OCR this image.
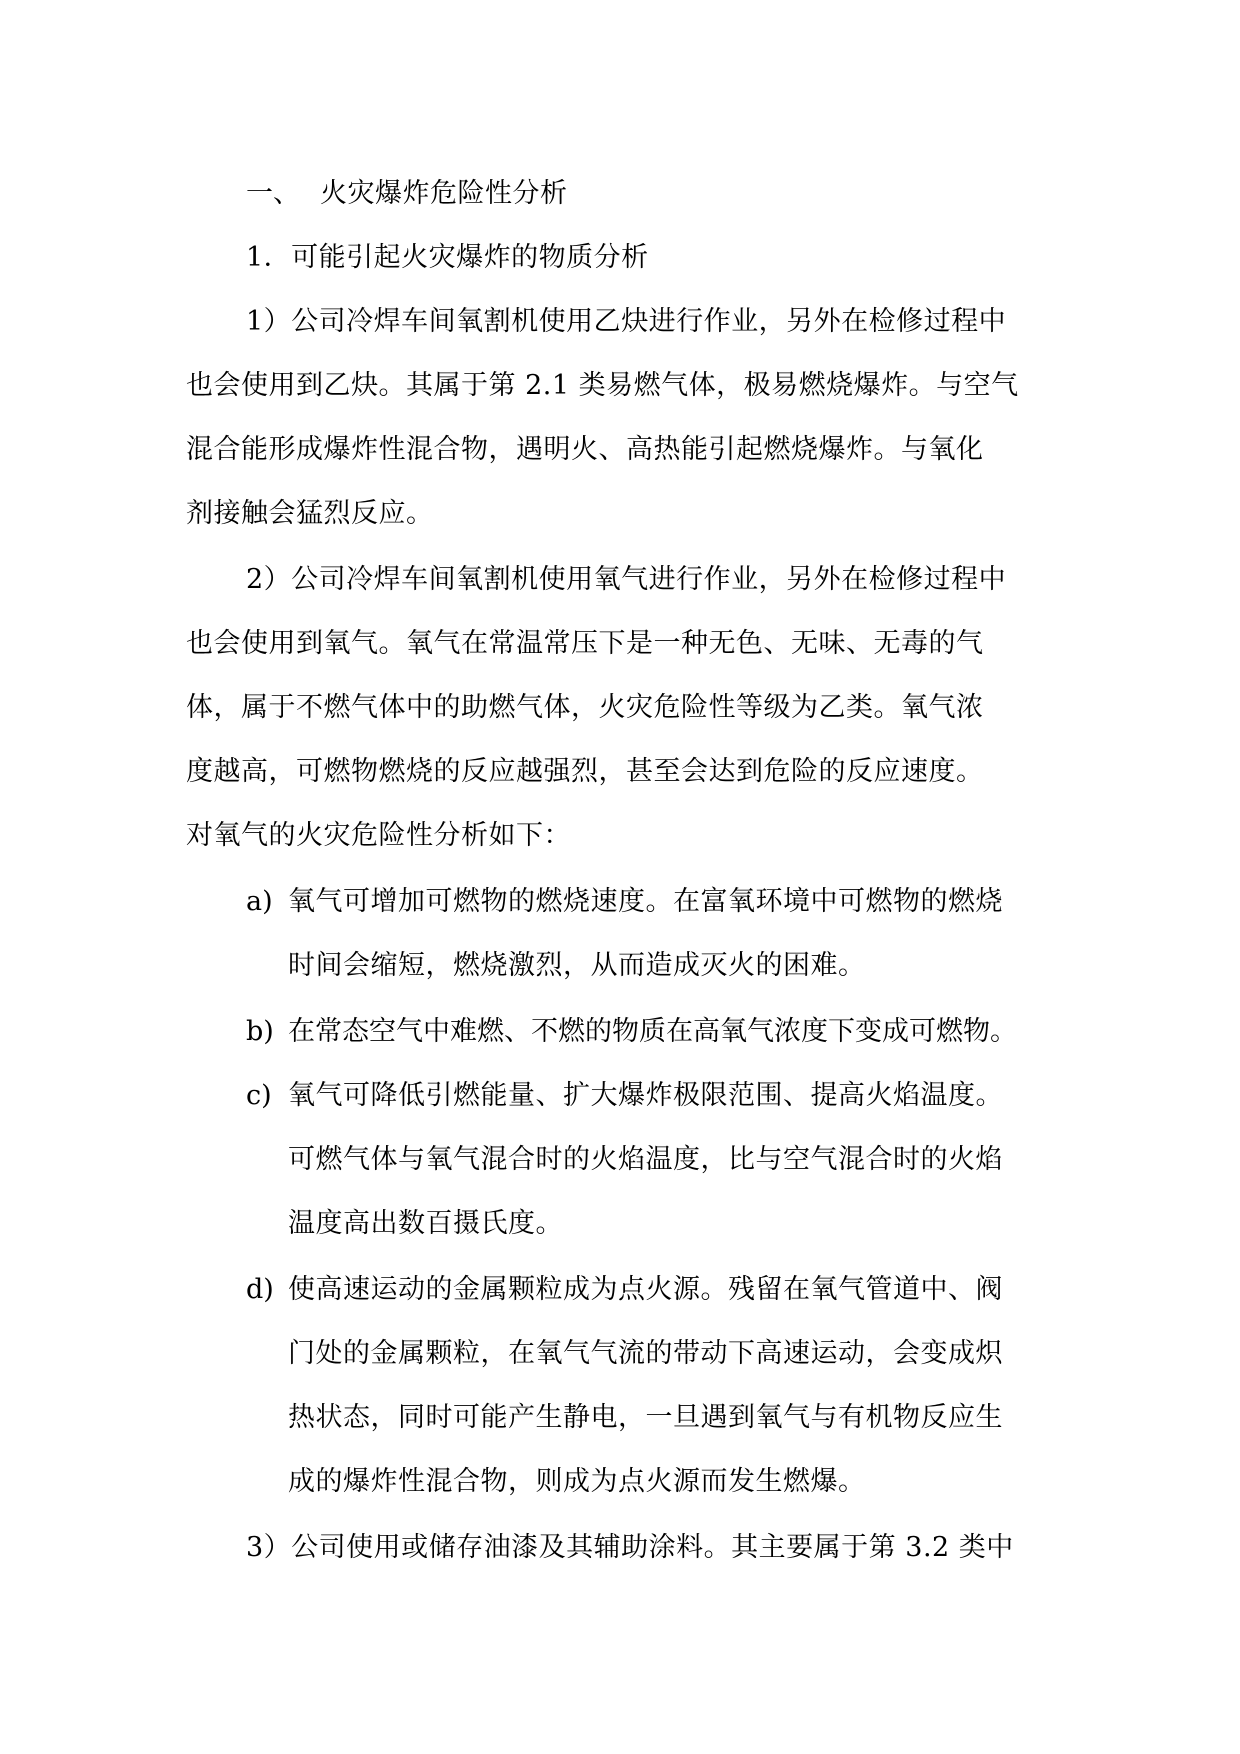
一、 火灾爆炸危险性分析
1．可能引起火灾爆炸的物质分析
1）公司冷焊车间氧割机使用乙炔进行作业，另外在检修过程中
也会使用到乙炔。其属于第 2.1 类易燃气体，极易燃烧爆炸。与空气
混合能形成爆炸性混合物，遇明火、高热能引起燃烧爆炸。与氧化
剂接触会猛烈反应。
2）公司冷焊车间氧割机使用氧气进行作业，另外在检修过程中
也会使用到氧气。氧气在常温常压下是一种无色、无味、无毒的气
体，属于不燃气体中的助燃气体，火灾危险性等级为乙类。氧气浓
度越高，可燃物燃烧的反应越强烈，甚至会达到危险的反应速度。
对氧气的火灾危险性分析如下：
a) 氧气可增加可燃物的燃烧速度。在富氧环境中可燃物的燃烧
时间会缩短，燃烧激烈，从而造成灭火的困难。
b) 在常态空气中难燃、不燃的物质在高氧气浓度下变成可燃物。
c) 氧气可降低引燃能量、扩大爆炸极限范围、提高火焰温度。
可燃气体与氧气混合时的火焰温度，比与空气混合时的火焰
温度高出数百摄氏度。
d) 使高速运动的金属颗粒成为点火源。残留在氧气管道中、阀
门处的金属颗粒，在氧气气流的带动下高速运动，会变成炽
热状态，同时可能产生静电，一旦遇到氧气与有机物反应生
成的爆炸性混合物，则成为点火源而发生燃爆。
3）公司使用或储存油漆及其辅助涂料。其主要属于第 3.2 类中
